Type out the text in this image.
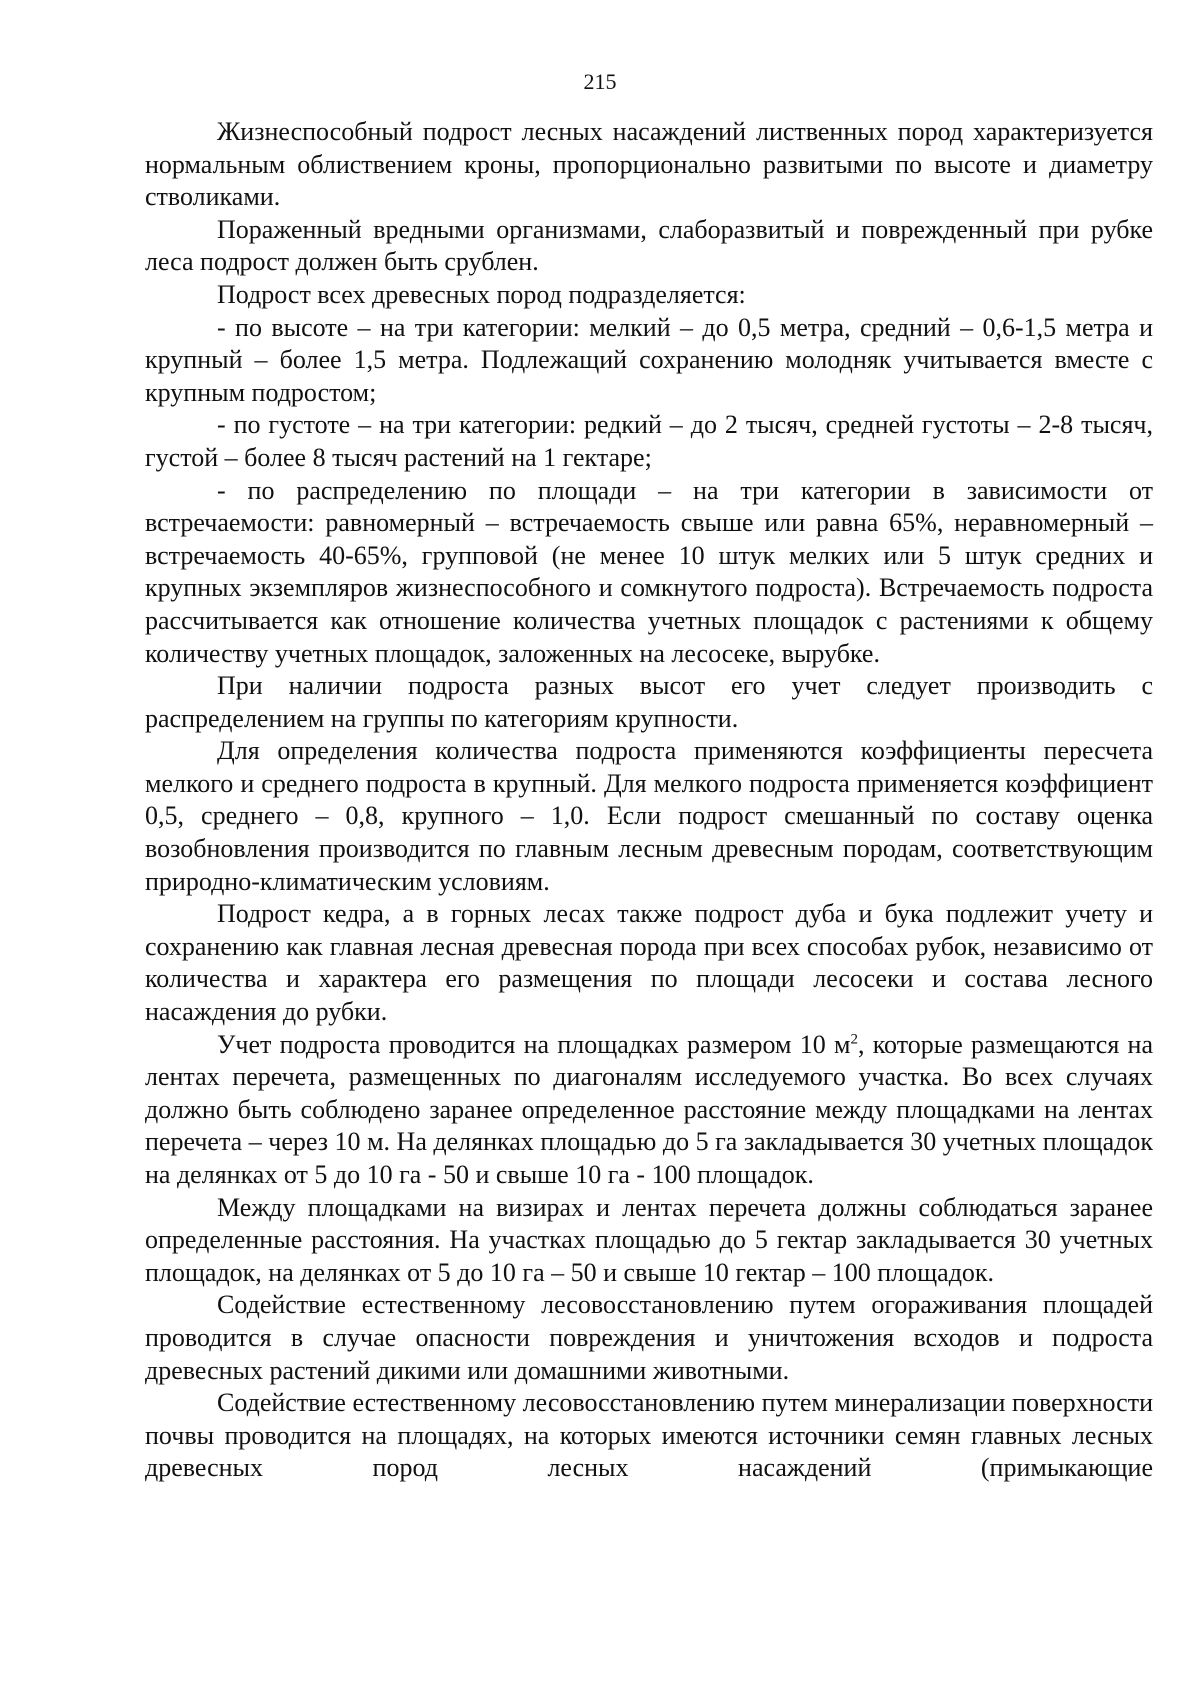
215

Жизнеспособный подрост лесных насаждений лиственных пород характеризуется нормальным облиствением кроны, пропорционально развитыми по высоте и диаметру стволиками.

Пораженный вредными организмами, слаборазвитый и поврежденный при рубке леса подрост должен быть срублен.

Подрост всех древесных пород подразделяется:

- по высоте – на три категории: мелкий – до 0,5 метра, средний – 0,6-1,5 метра и крупный – более 1,5 метра. Подлежащий сохранению молодняк учитывается вместе с крупным подростом;

- по густоте – на три категории: редкий – до 2 тысяч, средней густоты – 2-8 тысяч, густой – более 8 тысяч растений на 1 гектаре;

- по распределению по площади – на три категории в зависимости от встречаемости: равномерный – встречаемость свыше или равна 65%, неравномерный – встречаемость 40-65%, групповой (не менее 10 штук мелких или 5 штук средних и крупных экземпляров жизнеспособного и сомкнутого подроста). Встречаемость подроста рассчитывается как отношение количества учетных площадок с растениями к общему количеству учетных площадок, заложенных на лесосеке, вырубке.

При наличии подроста разных высот его учет следует производить с распределением на группы по категориям крупности.

Для определения количества подроста применяются коэффициенты пересчета мелкого и среднего подроста в крупный. Для мелкого подроста применяется коэффициент 0,5, среднего – 0,8, крупного – 1,0. Если подрост смешанный по составу оценка возобновления производится по главным лесным древесным породам, соответствующим природно-климатическим условиям.

Подрост кедра, а в горных лесах также подрост дуба и бука подлежит учету и сохранению как главная лесная древесная порода при всех способах рубок, независимо от количества и характера его размещения по площади лесосеки и состава лесного насаждения до рубки.

Учет подроста проводится на площадках размером 10 $м^2$, которые размещаются на лентах перечета, размещенных по диагоналям исследуемого участка. Во всех случаях должно быть соблюдено заранее определенное расстояние между площадками на лентах перечета – через 10 м. На делянках площадью до 5 га закладывается 30 учетных площадок на делянках от 5 до 10 га - 50 и свыше 10 га - 100 площадок.

Между площадками на визирах и лентах перечета должны соблюдаться заранее определенные расстояния. На участках площадью до 5 гектар закладывается 30 учетных площадок, на делянках от 5 до 10 га – 50 и свыше 10 гектар – 100 площадок.

Содействие естественному лесовосстановлению путем огораживания площадей проводится в случае опасности повреждения и уничтожения всходов и подроста древесных растений дикими или домашними животными.

Содействие естественному лесовосстановлению путем минерализации поверхности почвы проводится на площадях, на которых имеются источники семян главных лесных древесных пород лесных насаждений (примыкающие
